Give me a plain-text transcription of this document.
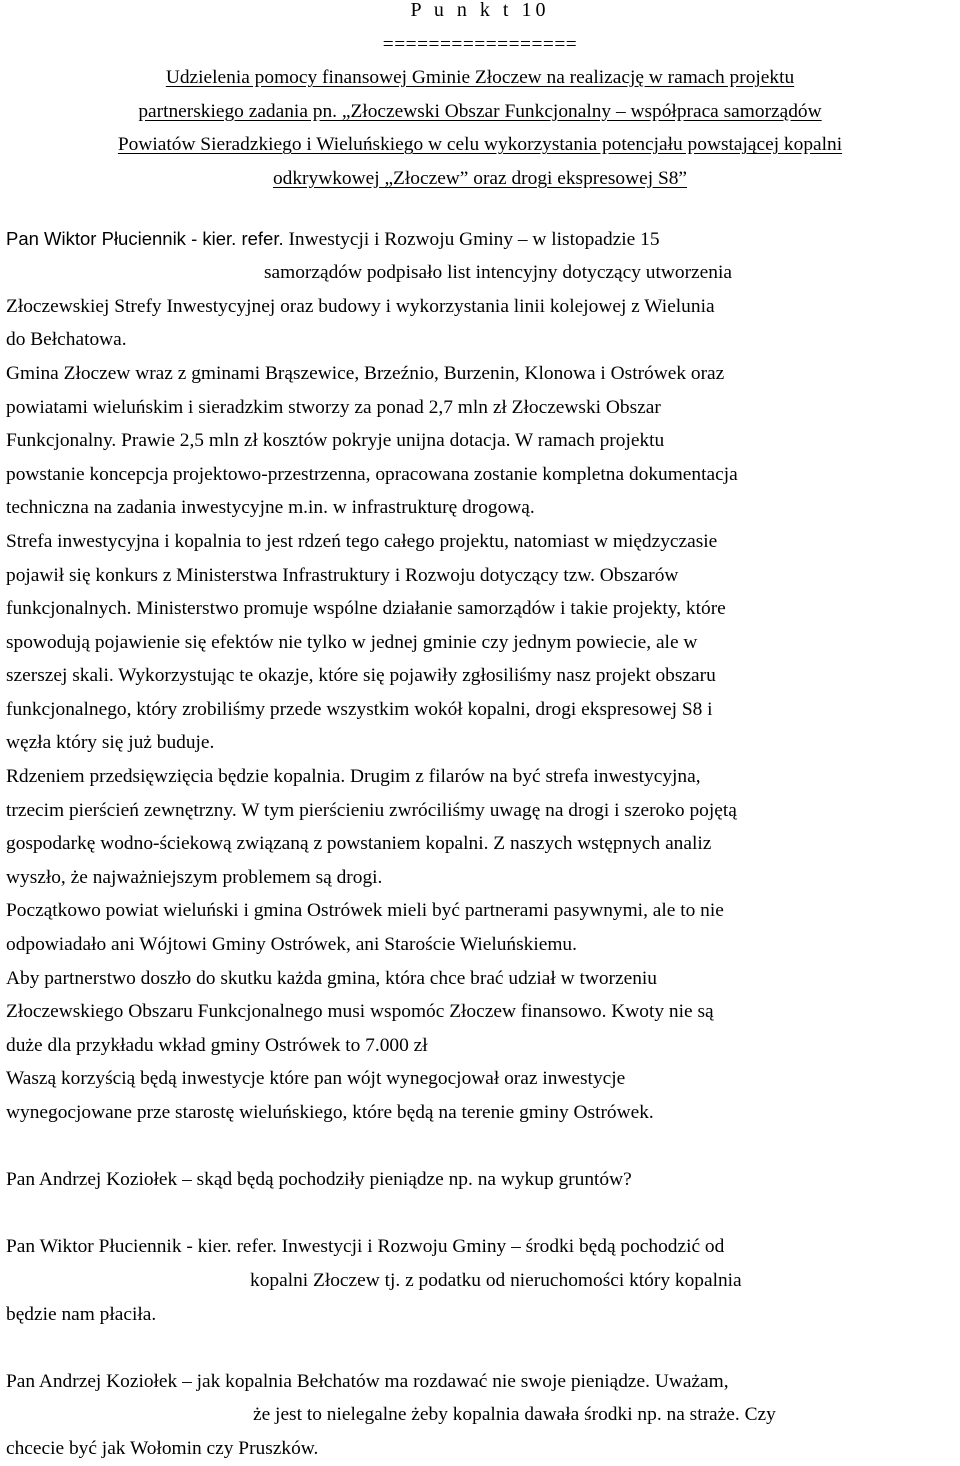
P u n k t 10
=================
Udzielenia pomocy finansowej Gminie Złoczew na realizację w ramach projektu
partnerskiego zadania pn. „Złoczewski Obszar Funkcjonalny – współpraca samorządów
Powiatów Sieradzkiego i Wieluńskiego w celu wykorzystania potencjału powstającej kopalni
odkrywkowej „Złoczew” oraz drogi ekspresowej S8”
Pan Wiktor Płuciennik - kier. refer. Inwestycji i Rozwoju Gminy – w listopadzie 15
samorządów podpisało list intencyjny dotyczący utworzenia
Złoczewskiej Strefy Inwestycyjnej oraz budowy i wykorzystania linii kolejowej z Wielunia
do Bełchatowa.
Gmina Złoczew wraz z gminami Brąszewice, Brzeźnio, Burzenin, Klonowa i Ostrówek oraz
powiatami wieluńskim i sieradzkim stworzy za ponad 2,7 mln zł Złoczewski Obszar
Funkcjonalny. Prawie 2,5 mln zł kosztów pokryje unijna dotacja. W ramach projektu
powstanie koncepcja projektowo-przestrzenna, opracowana zostanie kompletna dokumentacja
techniczna na zadania inwestycyjne m.in. w infrastrukturę drogową.
Strefa inwestycyjna i kopalnia to jest rdzeń tego całego projektu, natomiast w międzyczasie
pojawił się konkurs z Ministerstwa Infrastruktury i Rozwoju dotyczący tzw. Obszarów
funkcjonalnych. Ministerstwo promuje wspólne działanie samorządów i takie projekty, które
spowodują pojawienie się efektów nie tylko w jednej gminie czy jednym powiecie, ale w
szerszej skali. Wykorzystując te okazje, które się pojawiły zgłosiliśmy nasz projekt obszaru
funkcjonalnego, który zrobiliśmy przede wszystkim wokół kopalni, drogi ekspresowej S8 i
węzła który się już buduje.
Rdzeniem przedsięwzięcia będzie kopalnia. Drugim z filarów na być strefa inwestycyjna,
trzecim pierścień zewnętrzny. W tym pierścieniu zwróciliśmy uwagę na drogi i szeroko pojętą
gospodarkę wodno-ściekową związaną z powstaniem kopalni. Z naszych wstępnych analiz
wyszło, że najważniejszym problemem są drogi.
Początkowo powiat wieluński i gmina Ostrówek mieli być partnerami pasywnymi, ale to nie
odpowiadało ani Wójtowi Gminy Ostrówek, ani Staroście Wieluńskiemu.
Aby partnerstwo doszło do skutku każda gmina, która chce brać udział w tworzeniu
Złoczewskiego Obszaru Funkcjonalnego musi wspomóc Złoczew finansowo. Kwoty nie są
duże dla przykładu wkład gminy Ostrówek to 7.000 zł
Waszą korzyścią będą inwestycje które pan wójt wynegocjował oraz inwestycje
wynegocjowane prze starostę wieluńskiego, które będą na terenie gminy Ostrówek.
Pan Andrzej Koziołek – skąd będą pochodziły pieniądze np. na wykup gruntów?
Pan Wiktor Płuciennik - kier. refer. Inwestycji i Rozwoju Gminy – środki będą pochodzić od
kopalni Złoczew tj. z podatku od nieruchomości który kopalnia
będzie nam płaciła.
Pan Andrzej Koziołek – jak kopalnia Bełchatów ma rozdawać nie swoje pieniądze. Uważam,
że jest to nielegalne żeby kopalnia dawała środki np. na straże. Czy
chcecie być jak Wołomin czy Pruszków.
